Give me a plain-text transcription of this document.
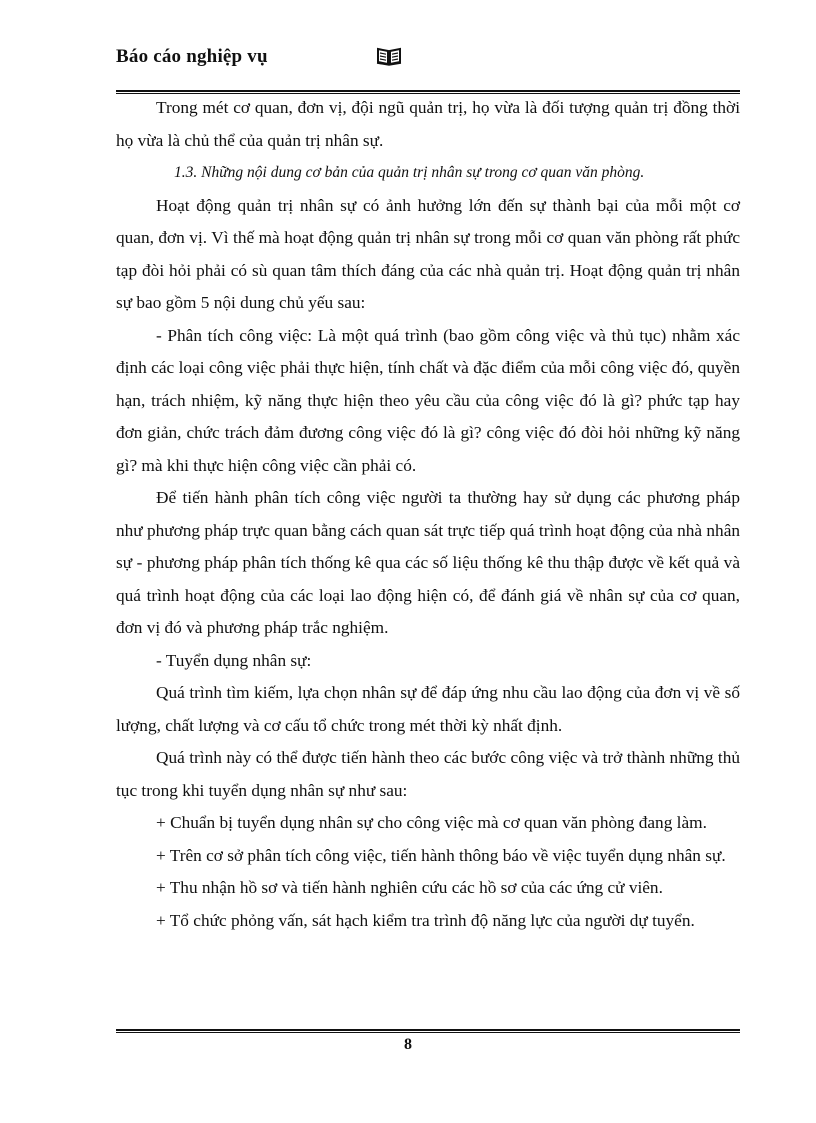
Báo cáo nghiệp vụ

Trong mét cơ quan, đơn vị, đội ngũ quản trị, họ vừa là đối tượng quản trị đồng thời họ vừa là chủ thể của quản trị nhân sự.

1.3. Những nội dung cơ bản của quản trị nhân sự trong cơ quan văn phòng.

Hoạt động quản trị nhân sự có ảnh hưởng lớn đến sự thành bại của mỗi một cơ quan, đơn vị. Vì thế mà hoạt động quản trị nhân sự trong mỗi cơ quan văn phòng rất phức tạp đòi hỏi phải có sù quan tâm thích đáng của các nhà quản trị. Hoạt động quản trị nhân sự bao gồm 5 nội dung chủ yếu sau:

- Phân tích công việc: Là một quá trình (bao gồm công việc và thủ tục) nhằm xác định các loại công việc phải thực hiện, tính chất và đặc điểm của mỗi công việc đó, quyền hạn, trách nhiệm, kỹ năng thực hiện theo yêu cầu của công việc đó là gì? phức tạp hay đơn giản, chức trách đảm đương công việc đó là gì? công việc đó đòi hỏi những kỹ năng gì? mà khi thực hiện công việc cần phải có.

Để tiến hành phân tích công việc người ta thường hay sử dụng các phương pháp như phương pháp trực quan bằng cách quan sát trực tiếp quá trình hoạt động của nhà nhân sự - phương pháp phân tích thống kê qua các số liệu thống kê thu thập được về kết quả và quá trình hoạt động của các loại lao động hiện có, để đánh giá về nhân sự của cơ quan, đơn vị đó và phương pháp trắc nghiệm.

- Tuyển dụng nhân sự:

Quá trình tìm kiếm, lựa chọn nhân sự để đáp ứng nhu cầu lao động của đơn vị về số lượng, chất lượng và cơ cấu tổ chức trong mét thời kỳ nhất định.

Quá trình này có thể được tiến hành theo các bước công việc và trở thành những thủ tục trong khi tuyển dụng nhân sự như sau:

+ Chuẩn bị tuyển dụng nhân sự cho công việc mà cơ quan văn phòng đang làm.

+ Trên cơ sở phân tích công việc, tiến hành thông báo về việc tuyển dụng nhân sự.

+ Thu nhận hồ sơ và tiến hành nghiên cứu các hồ sơ của các ứng cử viên.

+ Tổ chức phỏng vấn, sát hạch kiểm tra trình độ năng lực của người dự tuyển.

8
